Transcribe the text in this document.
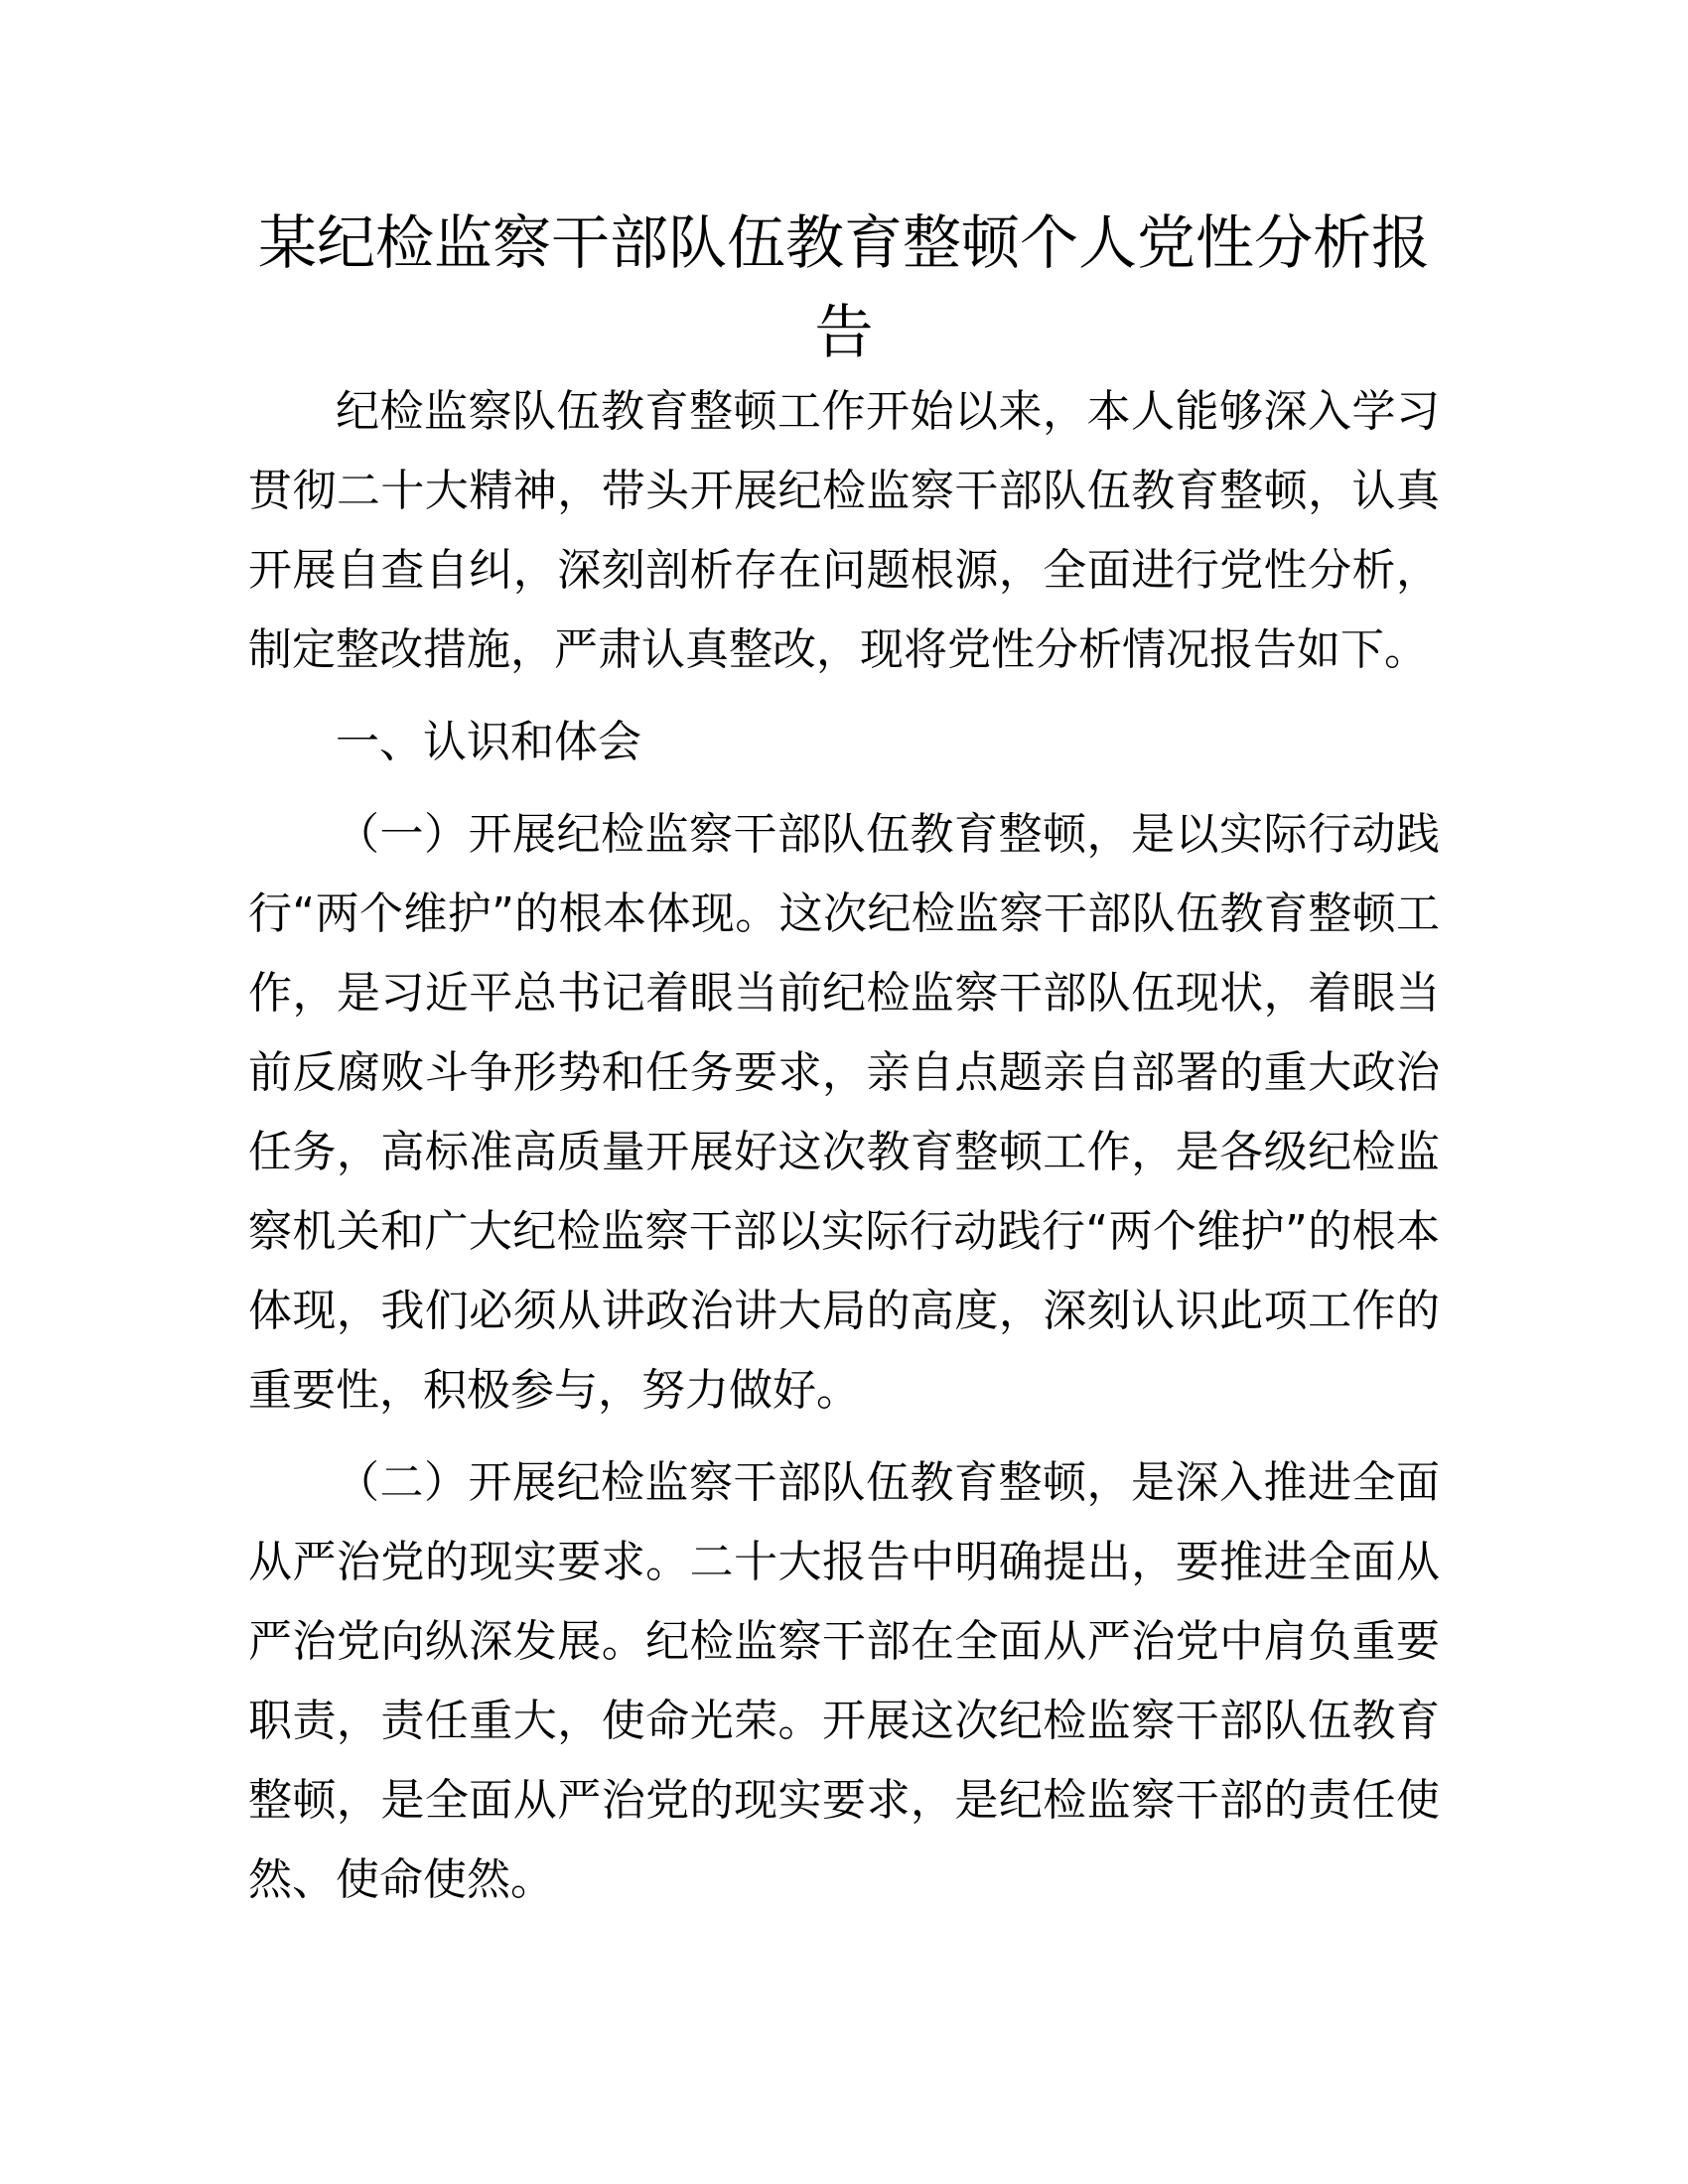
某纪检监察干部队伍教育整顿个人党性分析报告

纪检监察队伍教育整顿工作开始以来，本人能够深入学习贯彻二十大精神，带头开展纪检监察干部队伍教育整顿，认真开展自查自纠，深刻剖析存在问题根源，全面进行党性分析，制定整改措施，严肃认真整改，现将党性分析情况报告如下。

一、认识和体会

（一）开展纪检监察干部队伍教育整顿，是以实际行动践行“两个维护”的根本体现。这次纪检监察干部队伍教育整顿工作，是习近平总书记着眼当前纪检监察干部队伍现状，着眼当前反腐败斗争形势和任务要求，亲自点题亲自部署的重大政治任务，高标准高质量开展好这次教育整顿工作，是各级纪检监察机关和广大纪检监察干部以实际行动践行“两个维护”的根本体现，我们必须从讲政治讲大局的高度，深刻认识此项工作的重要性，积极参与，努力做好。

（二）开展纪检监察干部队伍教育整顿，是深入推进全面从严治党的现实要求。二十大报告中明确提出，要推进全面从严治党向纵深发展。纪检监察干部在全面从严治党中肩负重要职责，责任重大，使命光荣。开展这次纪检监察干部队伍教育整顿，是全面从严治党的现实要求，是纪检监察干部的责任使然、使命使然。
